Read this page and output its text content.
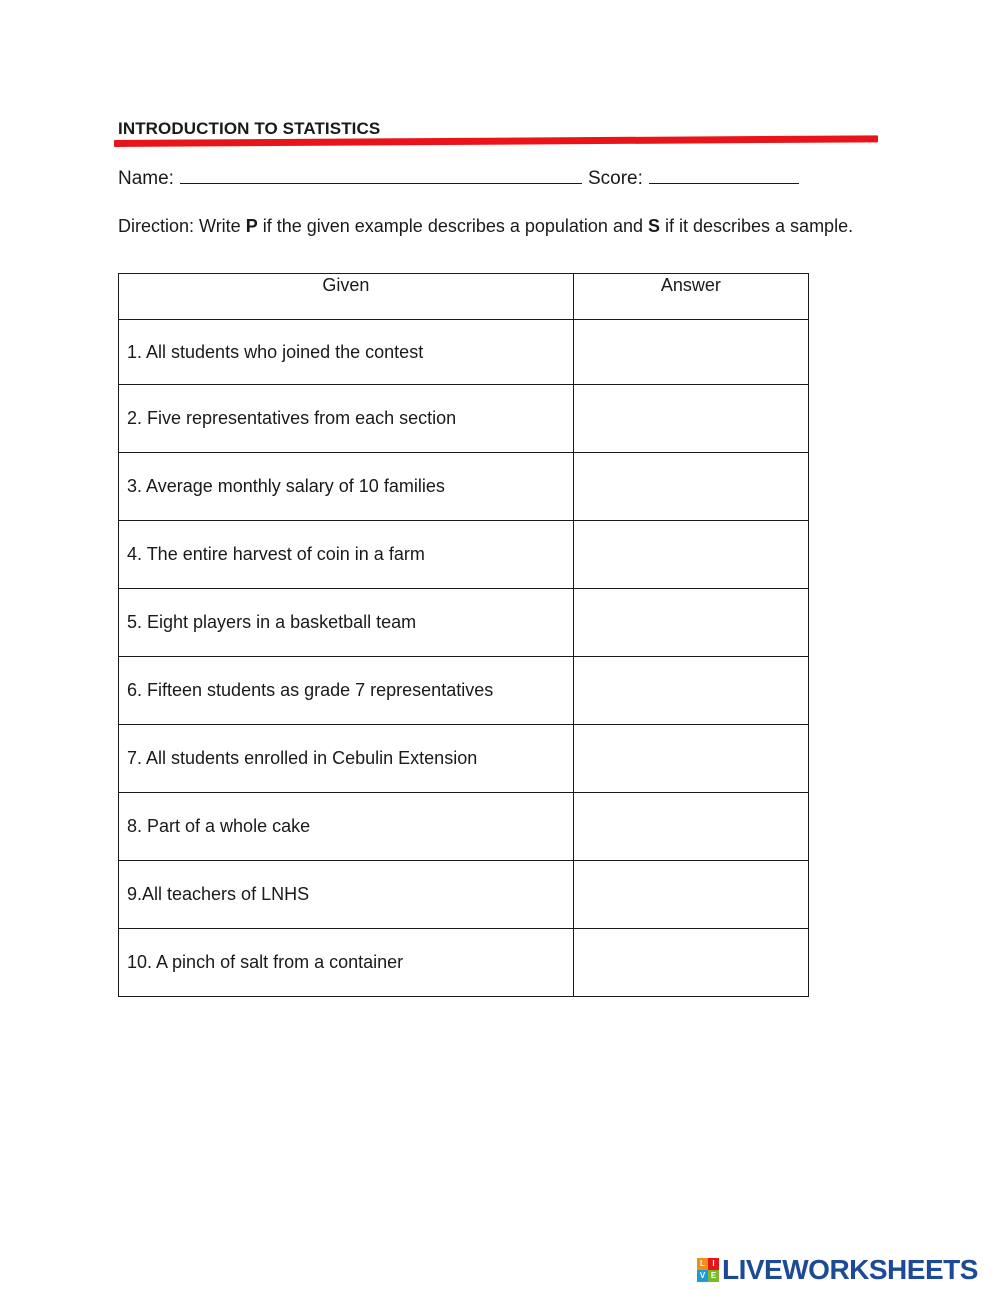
INTRODUCTION TO STATISTICS
Name:	Score:
Direction: Write P if the given example describes a population and S if it describes a sample.
Given	Answer
1. All students who joined the contest	
2. Five representatives from each section	
3. Average monthly salary of 10 families	
4. The entire harvest of coin in a farm	
5. Eight players in a basketball team	
6. Fifteen students as grade 7 representatives	
7. All students enrolled in Cebulin Extension	
8. Part of a whole cake	
9.All teachers of LNHS	
10. A pinch of salt from a container	
L I
V E LIVEWORKSHEETS
